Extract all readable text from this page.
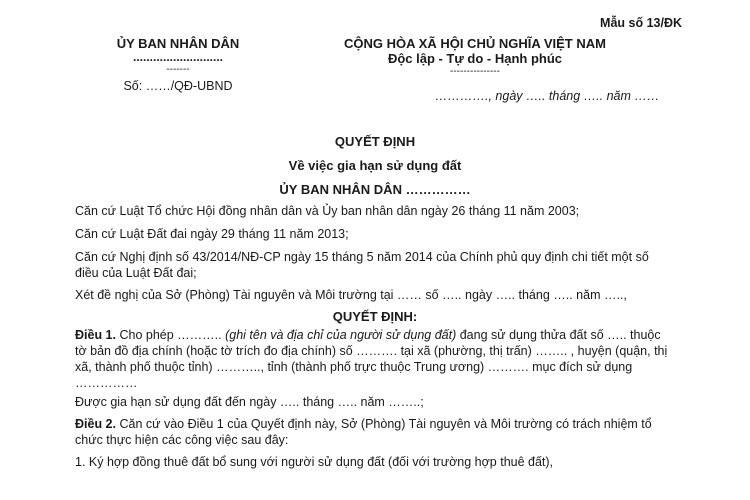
Mẫu số 13/ĐK
ỦY BAN NHÂN DÂN
...........................
-------
Số: ……/QĐ-UBND
CỘNG HÒA XÃ HỘI CHỦ NGHĨA VIỆT NAM
Độc lập - Tự do - Hạnh phúc
---------------
…………., ngày ….. tháng ….. năm ……
QUYẾT ĐỊNH
Về việc gia hạn sử dụng đất
ỦY BAN NHÂN DÂN ……………
Căn cứ Luật Tổ chức Hội đồng nhân dân và Ủy ban nhân dân ngày 26 tháng 11 năm 2003;
Căn cứ Luật Đất đai ngày 29 tháng 11 năm 2013;
Căn cứ Nghị định số 43/2014/NĐ-CP ngày 15 tháng 5 năm 2014 của Chính phủ quy định chi tiết một số điều của Luật Đất đai;
Xét đề nghị của Sở (Phòng) Tài nguyên và Môi trường tại …… số ….. ngày ….. tháng ….. năm …..,
QUYẾT ĐỊNH:
Điều 1. Cho phép ……….. (ghi tên và địa chỉ của người sử dụng đất) đang sử dụng thửa đất số ….. thuộc tờ bản đồ địa chính (hoặc tờ trích đo địa chính) số ………. tại xã (phường, thị trấn) …….. , huyện (quận, thị xã, thành phố thuộc tỉnh) ……….., tỉnh (thành phố trực thuộc Trung ương) ………. mục đích sử dụng ……………
Được gia hạn sử dụng đất đến ngày ….. tháng ….. năm ……..;
Điều 2. Căn cứ vào Điều 1 của Quyết định này, Sở (Phòng) Tài nguyên và Môi trường có trách nhiệm tổ chức thực hiện các công việc sau đây:
1. Ký hợp đồng thuê đất bổ sung với người sử dụng đất (đối với trường hợp thuê đất),
